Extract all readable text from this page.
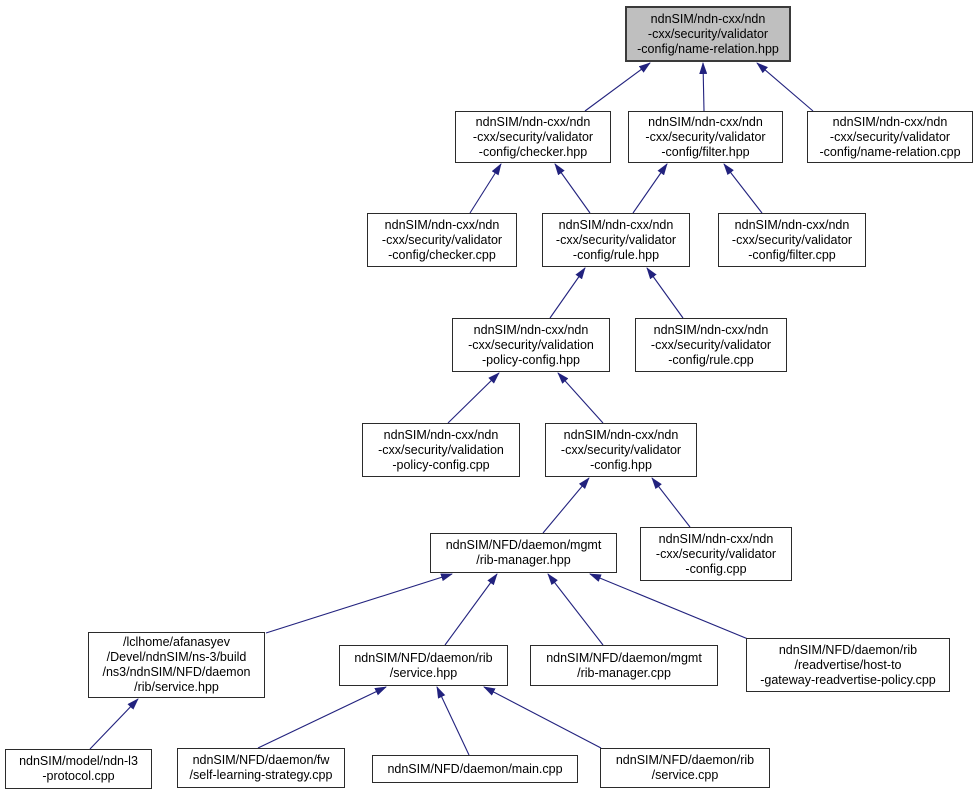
ndnSIM/ndn-cxx/ndn
-cxx/security/validator
-config/name-relation.hpp
ndnSIM/ndn-cxx/ndn
-cxx/security/validator
-config/checker.hpp
ndnSIM/ndn-cxx/ndn
-cxx/security/validator
-config/filter.hpp
ndnSIM/ndn-cxx/ndn
-cxx/security/validator
-config/name-relation.cpp
ndnSIM/ndn-cxx/ndn
-cxx/security/validator
-config/checker.cpp
ndnSIM/ndn-cxx/ndn
-cxx/security/validator
-config/rule.hpp
ndnSIM/ndn-cxx/ndn
-cxx/security/validator
-config/filter.cpp
ndnSIM/ndn-cxx/ndn
-cxx/security/validation
-policy-config.hpp
ndnSIM/ndn-cxx/ndn
-cxx/security/validator
-config/rule.cpp
ndnSIM/ndn-cxx/ndn
-cxx/security/validation
-policy-config.cpp
ndnSIM/ndn-cxx/ndn
-cxx/security/validator
-config.hpp
ndnSIM/NFD/daemon/mgmt
/rib-manager.hpp
ndnSIM/ndn-cxx/ndn
-cxx/security/validator
-config.cpp
/lclhome/afanasyev
/Devel/ndnSIM/ns-3/build
/ns3/ndnSIM/NFD/daemon
/rib/service.hpp
ndnSIM/NFD/daemon/rib
/service.hpp
ndnSIM/NFD/daemon/mgmt
/rib-manager.cpp
ndnSIM/NFD/daemon/rib
/readvertise/host-to
-gateway-readvertise-policy.cpp
ndnSIM/model/ndn-l3
-protocol.cpp
ndnSIM/NFD/daemon/fw
/self-learning-strategy.cpp	ndnSIM/NFD/daemon/main.cpp
ndnSIM/NFD/daemon/rib
/service.cpp
